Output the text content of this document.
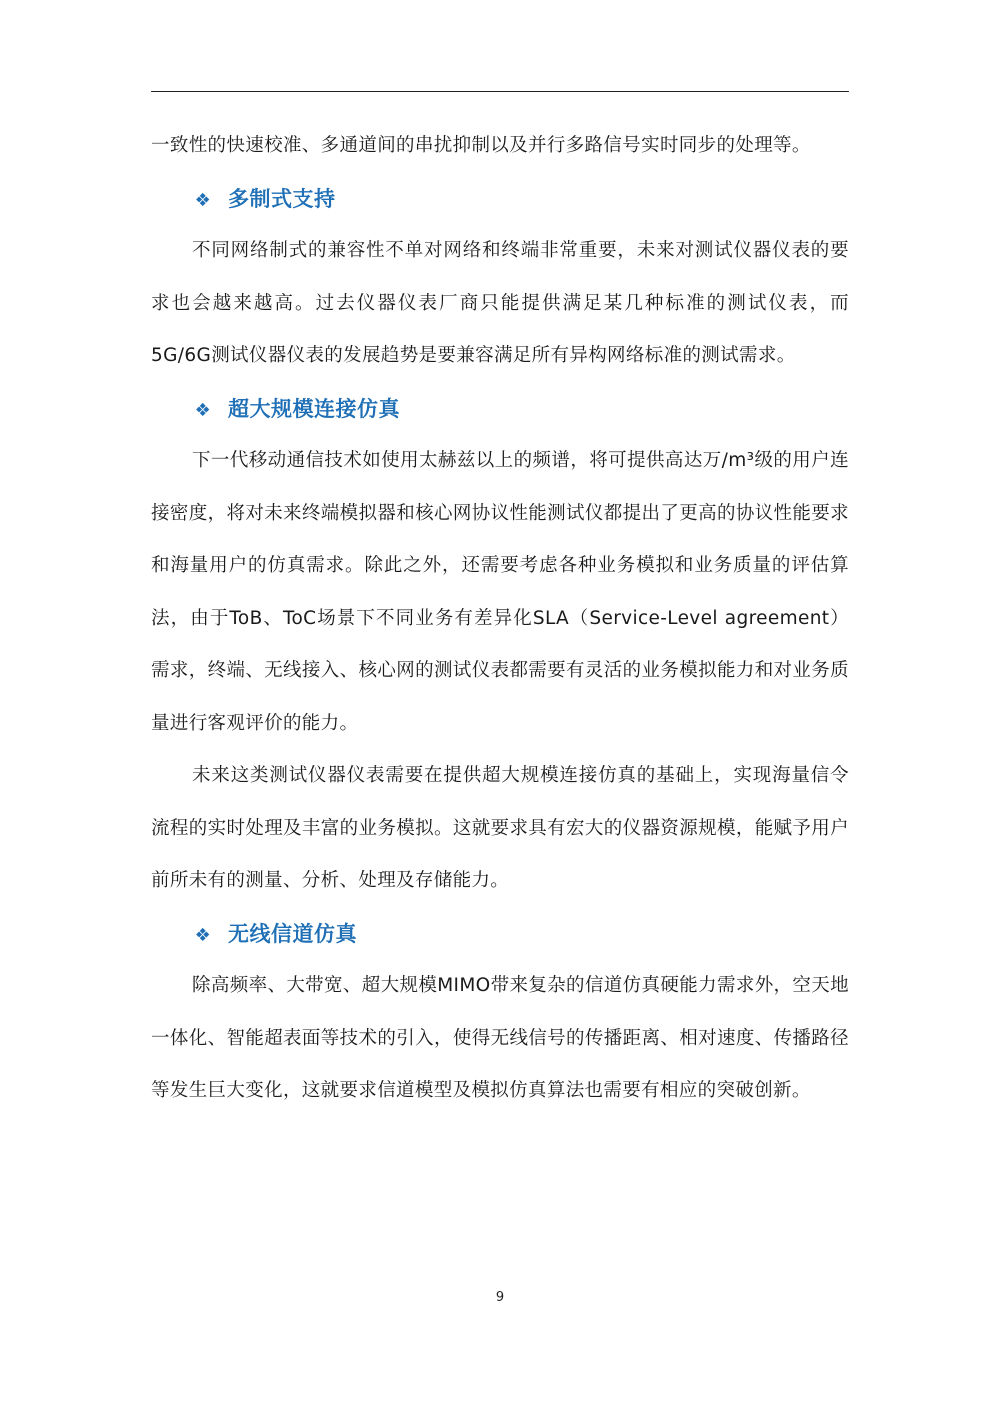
一致性的快速校准、多通道间的串扰抑制以及并行多路信号实时同步的处理等。

❖ 多制式支持

不同网络制式的兼容性不单对网络和终端非常重要，未来对测试仪器仪表的要求也会越来越高。过去仪器仪表厂商只能提供满足某几种标准的测试仪表，而5G/6G测试仪器仪表的发展趋势是要兼容满足所有异构网络标准的测试需求。

❖ 超大规模连接仿真

下一代移动通信技术如使用太赫兹以上的频谱，将可提供高达万/m³级的用户连接密度，将对未来终端模拟器和核心网协议性能测试仪都提出了更高的协议性能要求和海量用户的仿真需求。除此之外，还需要考虑各种业务模拟和业务质量的评估算法，由于ToB、ToC场景下不同业务有差异化SLA（Service-Level agreement）需求，终端、无线接入、核心网的测试仪表都需要有灵活的业务模拟能力和对业务质量进行客观评价的能力。

未来这类测试仪器仪表需要在提供超大规模连接仿真的基础上，实现海量信令流程的实时处理及丰富的业务模拟。这就要求具有宏大的仪器资源规模，能赋予用户前所未有的测量、分析、处理及存储能力。

❖ 无线信道仿真

除高频率、大带宽、超大规模MIMO带来复杂的信道仿真硬能力需求外，空天地一体化、智能超表面等技术的引入，使得无线信号的传播距离、相对速度、传播路径等发生巨大变化，这就要求信道模型及模拟仿真算法也需要有相应的突破创新。

9
